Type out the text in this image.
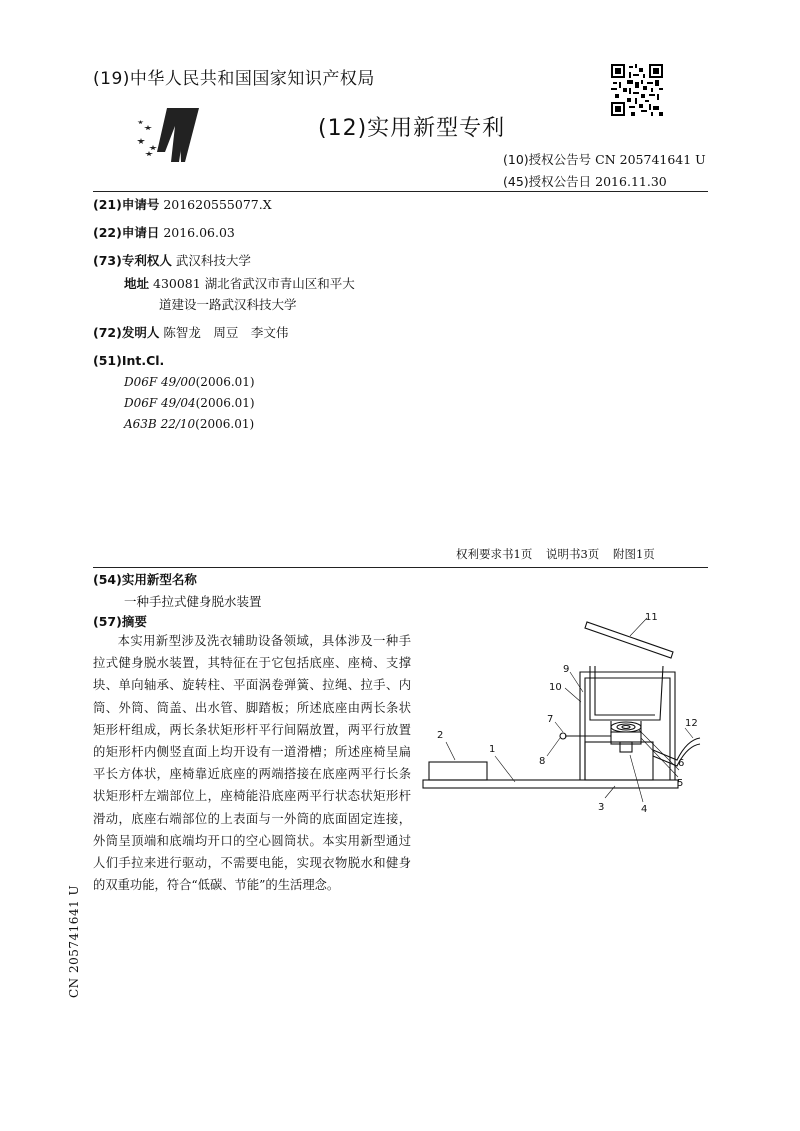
(19)中华人民共和国国家知识产权局
(12)实用新型专利
(10)授权公告号 CN 205741641 U
(45)授权公告日 2016.11.30
(21)申请号 201620555077.X
(22)申请日 2016.06.03
(73)专利权人 武汉科技大学
地址 430081 湖北省武汉市青山区和平大
道建设一路武汉科技大学
(72)发明人 陈智龙　周豆　李文伟
(51)Int.Cl.
D06F 49/00(2006.01)
D06F 49/04(2006.01)
A63B 22/10(2006.01)
权利要求书1页 说明书3页 附图1页
(54)实用新型名称
一种手拉式健身脱水装置
(57)摘要
本实用新型涉及洗衣辅助设备领域，具体涉及一种手拉式健身脱水装置，其特征在于它包括底座、座椅、支撑块、单向轴承、旋转柱、平面涡卷弹簧、拉绳、拉手、内筒、外筒、筒盖、出水管、脚踏板；所述底座由两长条状矩形杆组成，两长条状矩形杆平行间隔放置，两平行放置的矩形杆内侧竖直面上均开设有一道滑槽；所述座椅呈扁平长方体状，座椅靠近底座的两端搭接在底座两平行长条状矩形杆左端部位上，座椅能沿底座两平行状态状矩形杆滑动，底座右端部位的上表面与一外筒的底面固定连接，外筒呈顶端和底端均开口的空心圆筒状。本实用新型通过人们手拉来进行驱动，不需要电能，实现衣物脱水和健身的双重功能，符合“低碳、节能”的生活理念。
2
1
3	4
5
6
7
8
9
10
11
12
CN 205741641 U
